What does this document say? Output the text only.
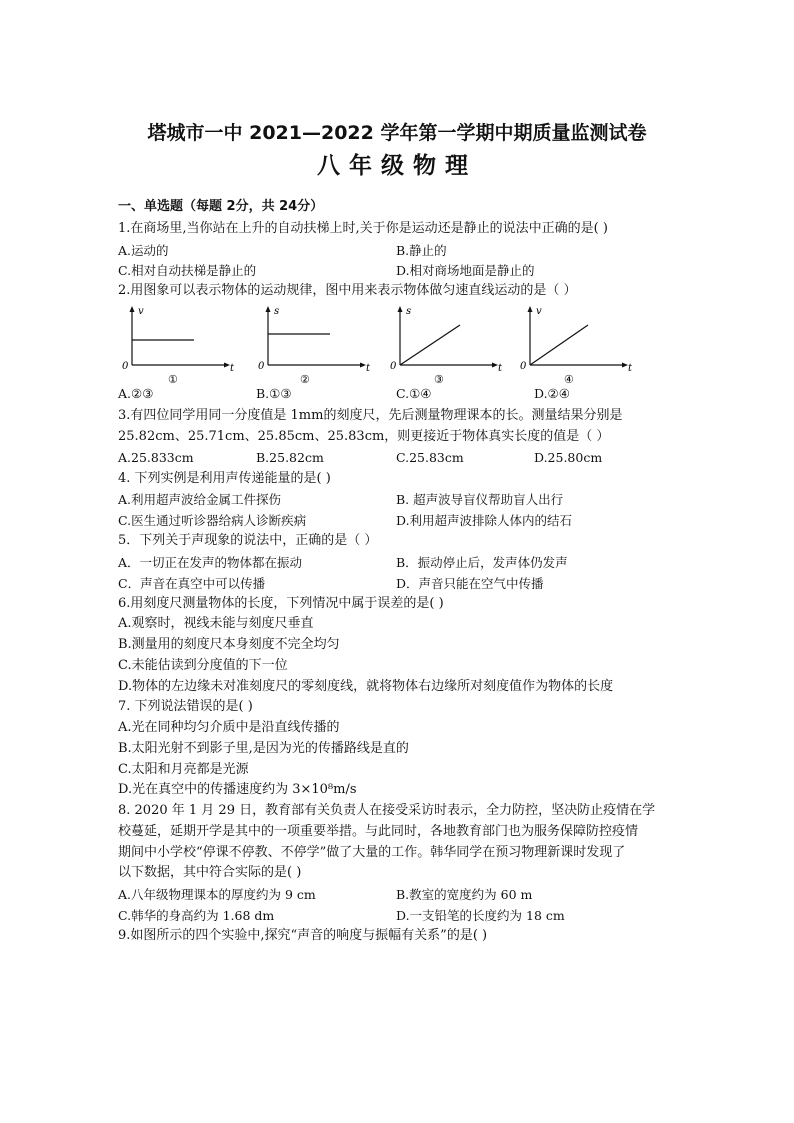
塔城市一中 2021—2022 学年第一学期中期质量监测试卷
八年级物理
一、单选题（每题 2分，共 24分）
1.在商场里,当你站在上升的自动扶梯上时,关于你是运动还是静止的说法中正确的是( )
A.运动的	B.静止的
C.相对自动扶梯是静止的	D.相对商场地面是静止的
2.用图象可以表示物体的运动规律，图中用来表示物体做匀速直线运动的是（ ）
v
0	t
①
s
0	t
②
s
0	t
③
v
0	t
④
A.②③	B.①③	C.①④	D.②④
3.有四位同学用同一分度值是 1mm的刻度尺，先后测量物理课本的长。测量结果分别是
25.82cm、25.71cm、25.85cm、25.83cm，则更接近于物体真实长度的值是（ ）
A.25.833cm	B.25.82cm	C.25.83cm	D.25.80cm
4. 下列实例是利用声传递能量的是( )
A.利用超声波给金属工件探伤	B. 超声波导盲仪帮助盲人出行
C.医生通过听诊器给病人诊断疾病	D.利用超声波排除人体内的结石
5．下列关于声现象的说法中，正确的是（ ）
A．一切正在发声的物体都在振动	B．振动停止后，发声体仍发声
C．声音在真空中可以传播	D．声音只能在空气中传播
6.用刻度尺测量物体的长度，下列情况中属于误差的是( )
A.观察时，视线未能与刻度尺垂直
B.测量用的刻度尺本身刻度不完全均匀
C.未能估读到分度值的下一位
D.物体的左边缘未对准刻度尺的零刻度线，就将物体右边缘所对刻度值作为物体的长度
7. 下列说法错误的是( )
A.光在同种均匀介质中是沿直线传播的
B.太阳光射不到影子里,是因为光的传播路线是直的
C.太阳和月亮都是光源
D.光在真空中的传播速度约为 3×10⁸m/s
8. 2020 年 1 月 29 日，教育部有关负责人在接受采访时表示，全力防控，坚决防止疫情在学
校蔓延，延期开学是其中的一项重要举措。与此同时，各地教育部门也为服务保障防控疫情
期间中小学校“停课不停教、不停学”做了大量的工作。韩华同学在预习物理新课时发现了
以下数据，其中符合实际的是( )
A.八年级物理课本的厚度约为 9 cm	B.教室的宽度约为 60 m
C.韩华的身高约为 1.68 dm	D.一支铅笔的长度约为 18 cm
9.如图所示的四个实验中,探究“声音的响度与振幅有关系”的是( )
